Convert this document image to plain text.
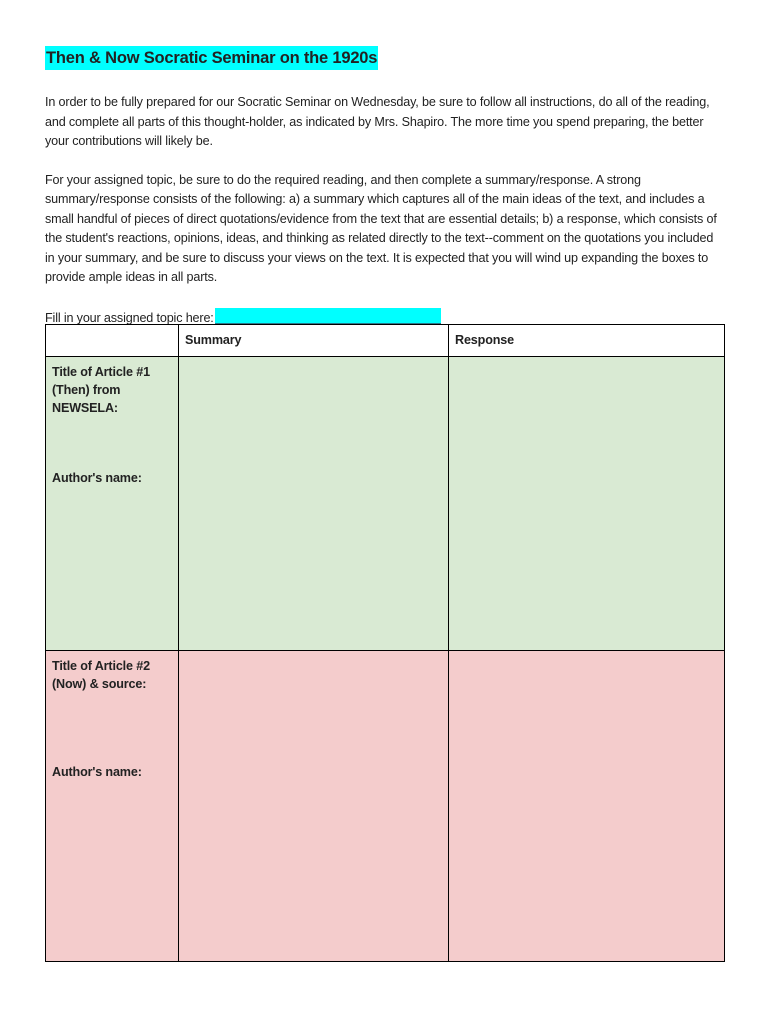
Then & Now Socratic Seminar on the 1920s

In order to be fully prepared for our Socratic Seminar on Wednesday, be sure to follow all instructions, do all of the reading, and complete all parts of this thought-holder, as indicated by Mrs. Shapiro. The more time you spend preparing, the better your contributions will likely be.

For your assigned topic, be sure to do the required reading, and then complete a summary/response. A strong summary/response consists of the following: a) a summary which captures all of the main ideas of the text, and includes a small handful of pieces of direct quotations/evidence from the text that are essential details; b) a response, which consists of the student's reactions, opinions, ideas, and thinking as related directly to the text--comment on the quotations you included in your summary, and be sure to discuss your views on the text. It is expected that you will wind up expanding the boxes to provide ample ideas in all parts.

Fill in your assigned topic here:
	Summary	Response
Title of Article #1 (Then) from NEWSELA:
Author's name:		

Title of Article #2 (Now) & source:
Author's name:		
